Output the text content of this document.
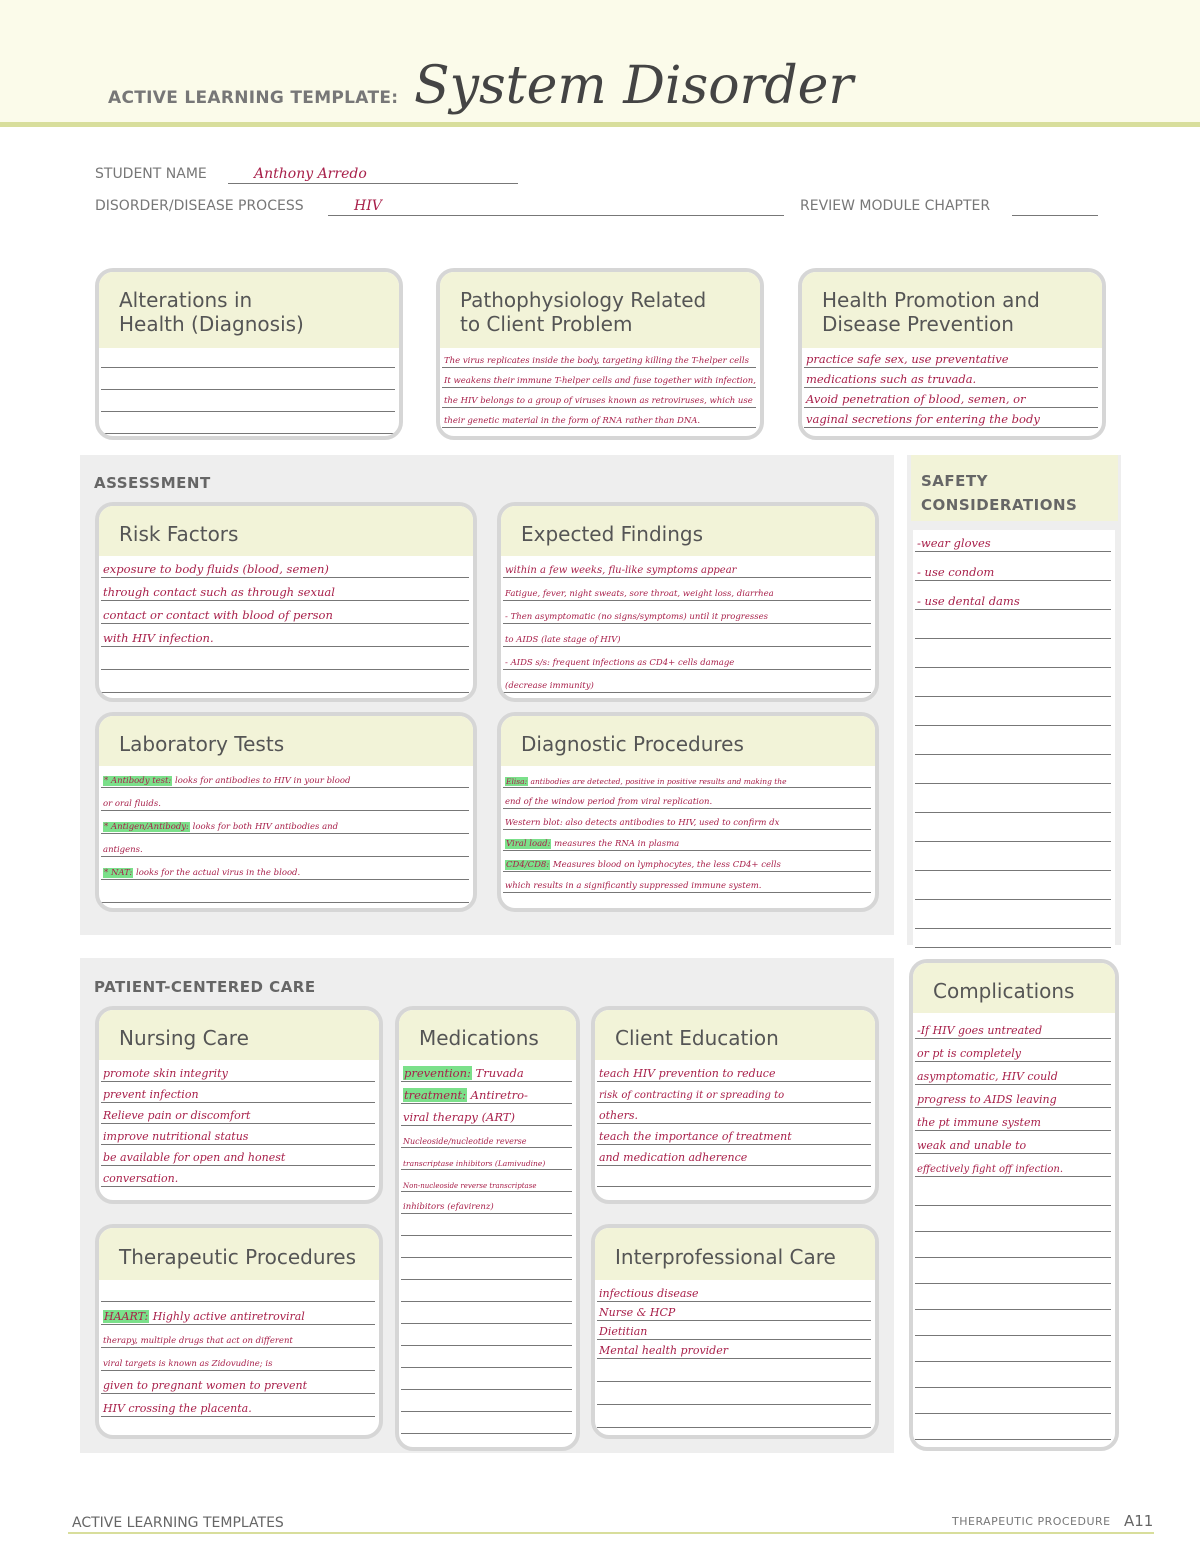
ACTIVE LEARNING TEMPLATE: System Disorder
STUDENT NAME	Anthony Arredo
DISORDER/DISEASE PROCESS	HIV	REVIEW MODULE CHAPTER
Alterations in
Health (Diagnosis)
Pathophysiology Related
to Client Problem
The virus replicates inside the body, targeting killing the T-helper cells
It weakens their immune T-helper cells and fuse together with infection,
the HIV belongs to a group of viruses known as retroviruses, which use
their genetic material in the form of RNA rather than DNA.
Health Promotion and
Disease Prevention
practice safe sex, use preventative
medications such as truvada.
Avoid penetration of blood, semen, or
vaginal secretions for entering the body
ASSESSMENT
Risk Factors
exposure to body fluids (blood, semen)
through contact such as through sexual
contact or contact with blood of person
with HIV infection.
Expected Findings
within a few weeks, flu-like symptoms appear
Fatigue, fever, night sweats, sore throat, weight loss, diarrhea
- Then asymptomatic (no signs/symptoms) until it progresses
to AIDS (late stage of HIV)
- AIDS s/s: frequent infections as CD4+ cells damage
(decrease immunity)
Laboratory Tests
* Antibody test: looks for antibodies to HIV in your blood
or oral fluids.
* Antigen/Antibody: looks for both HIV antibodies and
antigens.
* NAT: looks for the actual virus in the blood.
Diagnostic Procedures
Elisa: antibodies are detected, positive in positive results and making the
end of the window period from viral replication.
Western blot: also detects antibodies to HIV, used to confirm dx
Viral load: measures the RNA in plasma
CD4/CD8: Measures blood on lymphocytes, the less CD4+ cells
which results in a significantly suppressed immune system.
SAFETY
CONSIDERATIONS
-wear gloves
- use condom
- use dental dams
PATIENT-CENTERED CARE
Nursing Care
promote skin integrity
prevent infection
Relieve pain or discomfort
improve nutritional status
be available for open and honest
conversation.
Medications
prevention: Truvada
treatment: Antiretro-
viral therapy (ART)
Nucleoside/nucleotide reverse
transcriptase inhibitors (Lamivudine)
Non-nucleoside reverse transcriptase
inhibitors (efavirenz)
Client Education
teach HIV prevention to reduce
risk of contracting it or spreading to
others.
teach the importance of treatment
and medication adherence
Therapeutic Procedures
HAART: Highly active antiretroviral
therapy, multiple drugs that act on different
viral targets is known as Zidovudine; is
given to pregnant women to prevent
HIV crossing the placenta.
Interprofessional Care
infectious disease
Nurse & HCP
Dietitian
Mental health provider
Complications
-If HIV goes untreated
or pt is completely
asymptomatic, HIV could
progress to AIDS leaving
the pt immune system
weak and unable to
effectively fight off infection.
ACTIVE LEARNING TEMPLATES	THERAPEUTIC PROCEDURE A11
